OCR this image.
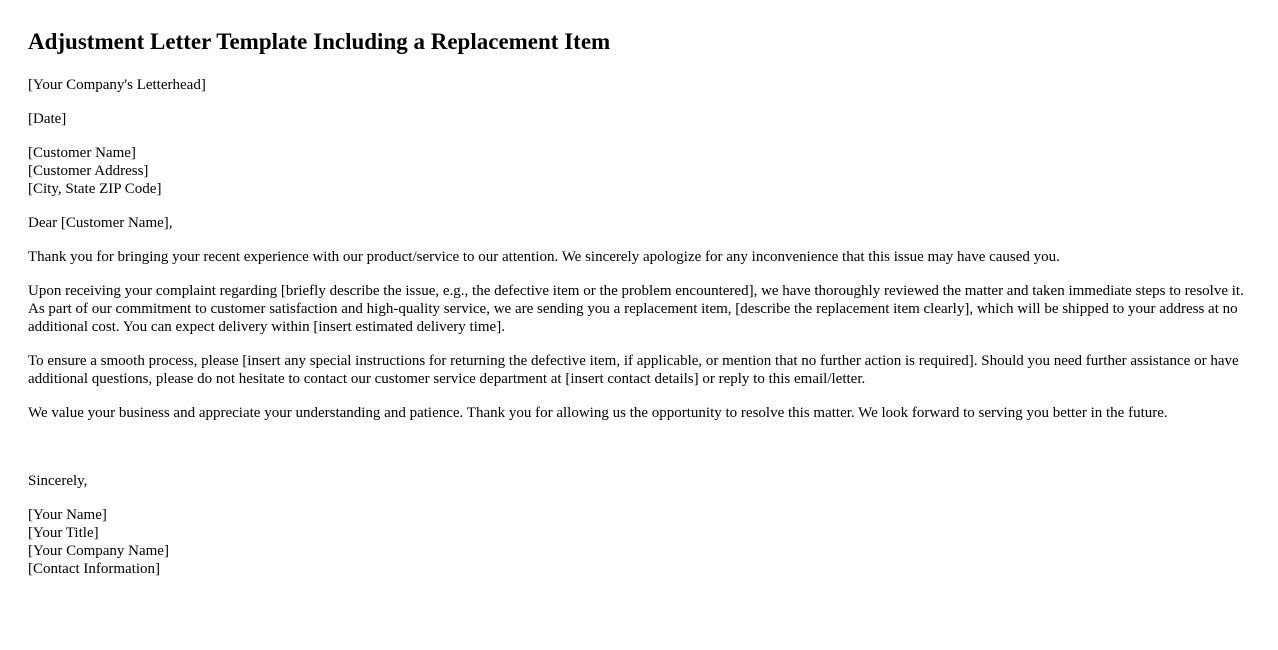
Adjustment Letter Template Including a Replacement Item

[Your Company's Letterhead]

[Date]

[Customer Name]
[Customer Address]
[City, State ZIP Code]

Dear [Customer Name],

Thank you for bringing your recent experience with our product/service to our attention. We sincerely apologize for any inconvenience that this issue may have caused you.

Upon receiving your complaint regarding [briefly describe the issue, e.g., the defective item or the problem encountered], we have thoroughly reviewed the matter and taken immediate steps to resolve it. As part of our commitment to customer satisfaction and high-quality service, we are sending you a replacement item, [describe the replacement item clearly], which will be shipped to your address at no additional cost. You can expect delivery within [insert estimated delivery time].

To ensure a smooth process, please [insert any special instructions for returning the defective item, if applicable, or mention that no further action is required]. Should you need further assistance or have additional questions, please do not hesitate to contact our customer service department at [insert contact details] or reply to this email/letter.

We value your business and appreciate your understanding and patience. Thank you for allowing us the opportunity to resolve this matter. We look forward to serving you better in the future.

Sincerely,

[Your Name]
[Your Title]
[Your Company Name]
[Contact Information]
